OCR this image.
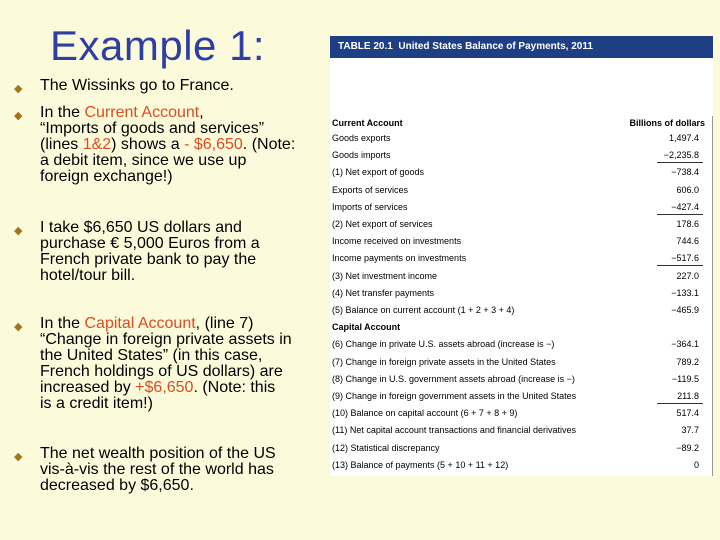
Example 1:
◆ The Wissinks go to France.
◆ In the Current Account,
“Imports of goods and services”
(lines 1&2) shows a - $6,650. (Note:
a debit item, since we use up
foreign exchange!)
◆ I take $6,650 US dollars and
purchase € 5,000 Euros from a
French private bank to pay the
hotel/tour bill.
◆ In the Capital Account, (line 7)
“Change in foreign private assets in
the United States” (in this case,
French holdings of US dollars) are
increased by +$6,650. (Note: this
is a credit item!)
◆ The net wealth position of the US
vis-à-vis the rest of the world has
decreased by $6,650.
TABLE 20.1 United States Balance of Payments, 2011
Current Account	Billions of dollars
Goods exports	1,497.4
Goods imports	−2,235.8
(1) Net export of goods	−738.4
Exports of services	606.0
Imports of services	−427.4
(2) Net export of services	178.6
Income received on investments	744.6
Income payments on investments	−517.6
(3) Net investment income	227.0
(4) Net transfer payments	−133.1
(5) Balance on current account (1 + 2 + 3 + 4)	−465.9
Capital Account
(6) Change in private U.S. assets abroad (increase is −)	−364.1
(7) Change in foreign private assets in the United States	789.2
(8) Change in U.S. government assets abroad (increase is −)	−119.5
(9) Change in foreign government assets in the United States	211.8
(10) Balance on capital account (6 + 7 + 8 + 9)	517.4
(11) Net capital account transactions and financial derivatives	37.7
(12) Statistical discrepancy	−89.2
(13) Balance of payments (5 + 10 + 11 + 12)	0
